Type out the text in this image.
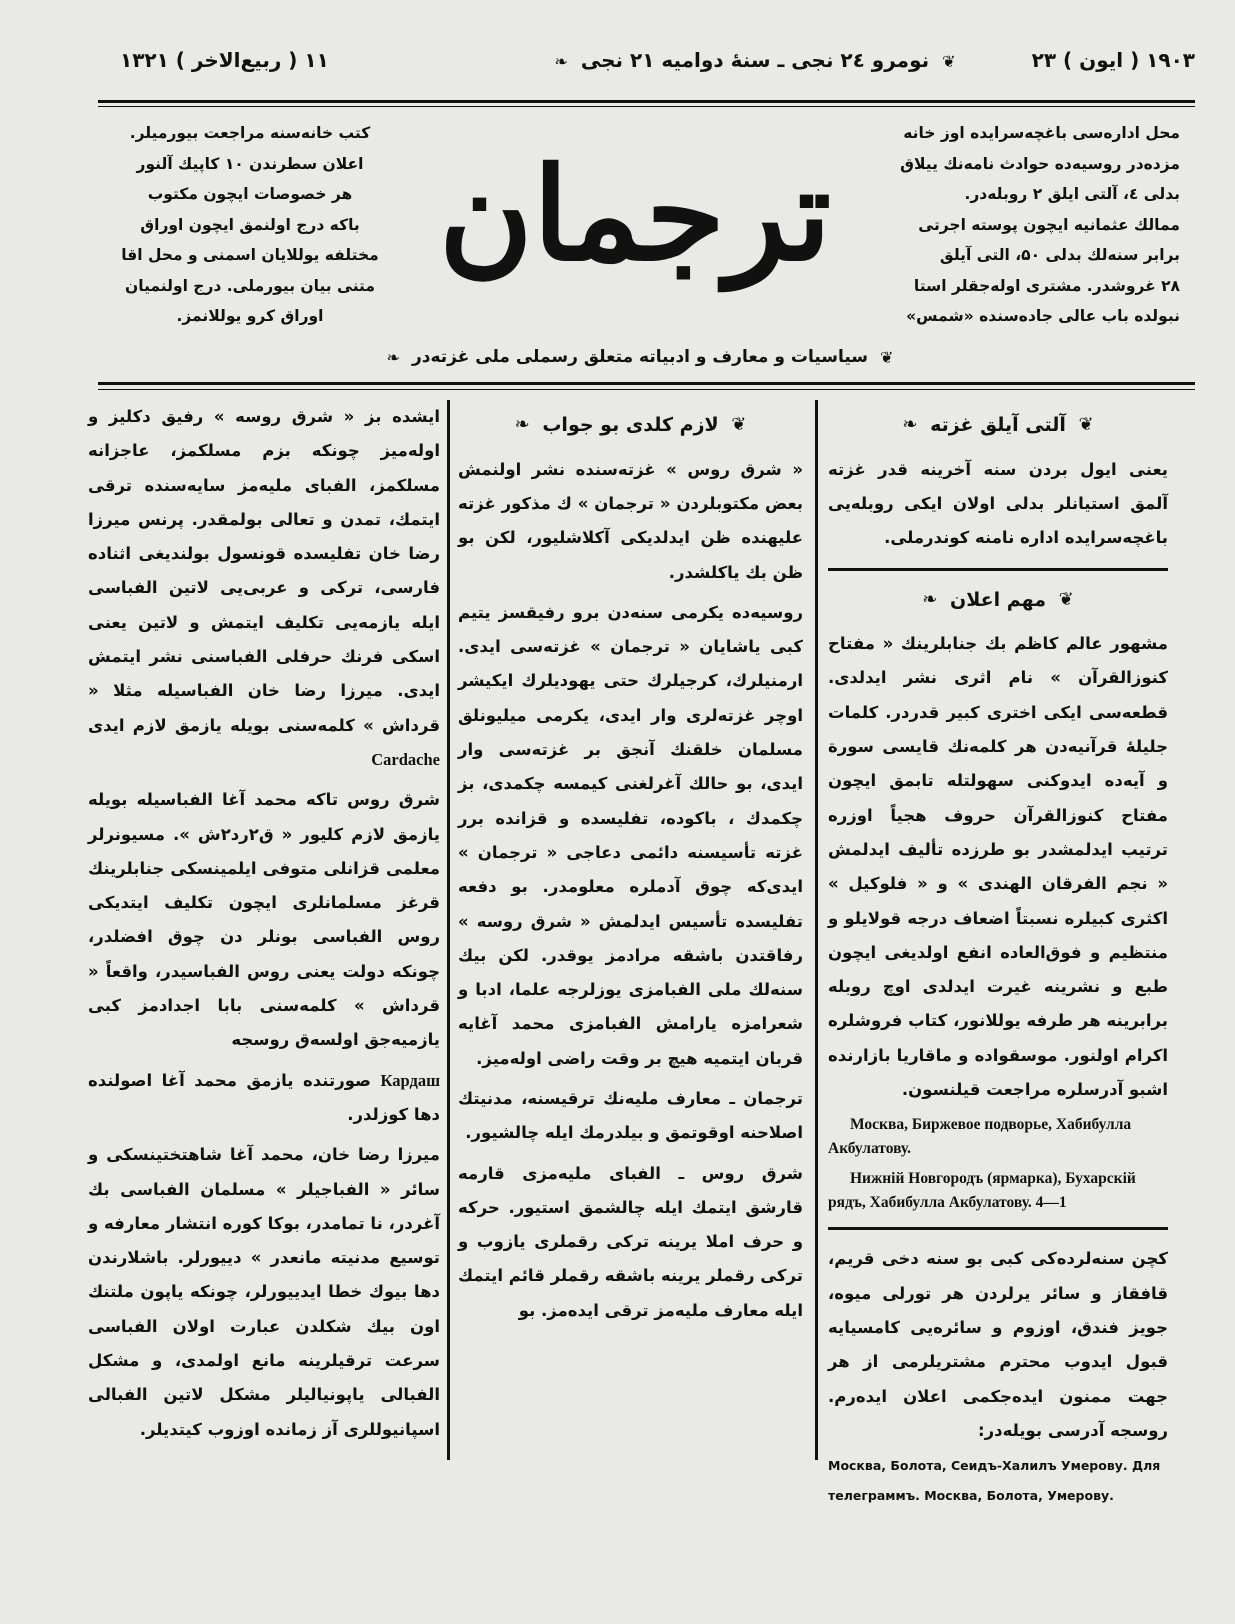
۱۹۰۳ ( ایون ) ۲۳
❦ نومرو ۲٤ نجی ـ سنهٔ دوامیه ۲۱ نجی ❧
۱۱ ( ربیع‌الاخر ) ۱۳۲۱

محل ادارەسی باغچەسرایده اوز خانه

مزده‌در روسیه‌ده حوادث نامه‌نك ییلاق

بدلی ٤، آلتی ایلق ۲ روبله‌در.

ممالك عثمانیه ایچون پوسته اجرتی

برابر سنه‌لك بدلی ۵۰، التی آیلق

۲۸ غروشدر. مشتری اوله‌جقلر استا‌

نبولده باب عالی جاده‌سنده «شمس»

ترجمان

کتب خانه‌سنه مراجعت بیورمیلر.

اعلان سطرندن ۱۰ کاپیك آلنور

هر خصوصات ایچون مکتوب

باکه درج اولنمق ایچون اوراق

مختلفه یوللایان اسمنی و محل اقا

متنی بیان بیورملی. درج اولنمیان

اوراق کرو یوللانمز.

❦ سیاسیات و معارف و ادبیاته متعلق رسملی ملی غزته‌در ❧
❦ آلتی آیلق غزته ❧

یعنی ایول بردن سنه آخرینه قدر غزته آلمق استیانلر بدلی اولان ایکی روبله‌یی باغچه‌سرایده اداره نامنه کوندرملی.

❦ مهم اعلان ❧

مشهور عالم کاظم بك جنابلرینك « مفتاح کنوزالقرآن » نام اثری نشر ایدلدی. قطعه‌سی ایکی اختری کبیر قدردر. کلمات جلیلهٔ قرآنیه‌دن هر کلمه‌نك قایسی سورة و آیه‌ده ایدوکنی سهولتله تابمق ایچون مفتاح کنوزالقرآن حروف هجیاً اوزره ترتیب ایدلمشدر بو طرزده تألیف ایدلمش « نجم الفرقان الهندی » و « فلوکیل » اکثری کبیلره نسبتاً اضعاف درجه قولایلو و منتظیم و فوق‌العاده انفع اولدیغی ایچون طبع و نشرینه غیرت ایدلدی اوچ روبله برابرینه هر طرفه یوللانور، کتاب فروشلره اکرام اولنور. موسقواده و ماقاریا بازارنده اشبو آدرسلره مراجعت قیلنسون.

Москва, Биржевое подворье, Хабибулла Акбулатову.

Нижній Новгородъ (ярмарка), Бухарскій рядъ, Хабибулла Акбулатову. 4—1

کچن سنه‌لرده‌کی کبی بو سنه دخی قریم، قافقاز و سائر یرلردن هر تورلی میوه، جویز فندق، اوزوم و سائره‌یی کامسیایه قبول ایدوب محترم مشتریلرمی از هر جهت ممنون ایده‌جکمی اعلان ایده‌رم. روسجه آدرسی بویله‌در:

Москва, Болота, Сеидъ-Халилъ Умерову. Для

телеграммъ. Москва, Болота, Умерову.

❦ لازم کلدی بو جواب ❧

« شرق روس » غزته‌سنده نشر اولنمش بعض مکتوبلردن « ترجمان » ك مذکور غزته علیهنده ظن ایدلدیکی آکلاشلیور، لکن بو ظن بك یاکلشدر.

روسیه‌ده یکرمی سنه‌دن برو رفیقسز یتیم کبی یاشایان « ترجمان » غزته‌سی ایدی. ارمنیلرك، کرجیلرك حتی یهودیلرك ایکیشر اوچر غزته‌لری وار ایدی، یکرمی میلیونلق مسلمان خلقنك آنجق بر غزته‌سی وار ایدی، بو حالك آغرلغنی کیمسه چکمدی، بز چکمدك ، باکوده، تفلیسده و قزانده برر غزته تأسیسنه دائمی دعاجی « ترجمان » ایدی‌که چوق آدملره معلومدر. بو دفعه تفلیسده تأسیس ایدلمش « شرق روسه » رفاقتدن باشقه مرادمز یوقدر. لکن بیك سنه‌لك ملی الفبامزی یوزلرجه علما، ادبا و شعرامزه یارامش الفبامزی محمد آغایه قربان ایتمیه هیچ بر وقت راضی اوله‌میز.

ترجمان ـ معارف ملیه‌نك ترقیسنه، مدنیتك اصلاحنه اوقوتمق و بیلدرمك ایله چالشیور.

شرق روس ـ الفبای ملیه‌مزی قارمه قارشق ایتمك ایله چالشمق استیور. حرکه و حرف املا یرینه ترکی رقملری یازوب و ترکی رقملر یرینه باشقه رقملر قائم ایتمك ایله معارف ملیه‌مز ترقی ایده‌مز. بو

ایشده بز « شرق روسه » رفیق دکلیز و اوله‌میز چونکه بزم مسلکمز، عاجزانه مسلکمز، الفبای ملیه‌مز سایه‌سنده ترقی ایتمك، تمدن و تعالی بولمقدر. پرنس میرزا رضا خان تفلیسده قونسول بولندیغی اثناده فارسی، ترکی و عربی‌یی لاتین الفباسی ایله یازمه‌یی تکلیف ایتمش و لاتین یعنی اسکی فرنك حرفلی الفباسنی نشر ایتمش ایدی. میرزا رضا خان الفباسیله مثلا « قرداش » کلمه‌سنی بویله یازمق لازم ایدی Cardache

شرق روس تاکه محمد آغا الفباسیله بویله یازمق لازم کلیور « ق۲رد۲ش ». مسیونرلر معلمی قزانلی متوفی ایلمینسکی جنابلرینك قرغز مسلمانلری ایچون تکلیف ایتدیکی روس الفباسی بونلر دن چوق افضلدر، چونکه دولت یعنی روس الفباسیدر، واقعاً « قرداش » کلمه‌سنی بابا اجدادمز کبی یازمیه‌جق اولسه‌ق روسجه

Кардаш صورتنده یازمق محمد آغا اصو‌لنده دها کوزلدر.

میرزا رضا خان، محمد آغا شاهتختینسکی و سائر « الفباجیلر » مسلمان الفباسی بك آغردر، نا تمامدر، بوکا کوره انتشار معارفه و توسیع مدنیته مانعدر » دییورلر. باشلارندن دها بیوك خطا ایدییورلر، چونکه یاپون ملتنك اون بیك شکلدن عبارت اولان الفباسی سرعت ترقیلرینه مانع اولمدی، و مشکل الفبالی یاپونیالیلر مشکل لاتین الفبالی اسپانیوللری آز زمانده اوزوب کیتدیلر.
